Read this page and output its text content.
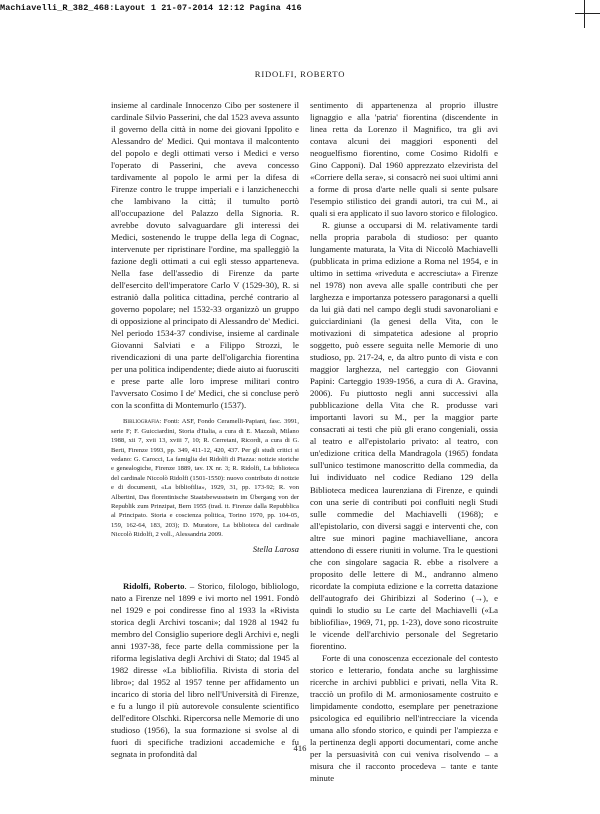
Machiavelli_R_382_468:Layout 1 21-07-2014 12:12 Pagina 416
RIDOLFI, ROBERTO

insieme al cardinale Innocenzo Cibo per sostenere il cardinale Silvio Passerini, che dal 1523 aveva assunto il governo della città in nome dei giovani Ippolito e Alessandro de' Medici. Qui montava il malcontento del popolo e degli ottimati verso i Medici e verso l'operato di Passerini, che aveva concesso tardivamente al popolo le armi per la difesa di Firenze contro le truppe imperiali e i lanzichenecchi che lambivano la città; il tumulto portò all'occupazione del Palazzo della Signoria. R. avrebbe dovuto salvaguardare gli interessi dei Medici, sostenendo le truppe della lega di Cognac, intervenute per ripristinare l'ordine, ma spalleggiò la fazione degli ottimati a cui egli stesso apparteneva. Nella fase dell'assedio di Firenze da parte dell'esercito dell'imperatore Carlo V (1529-30), R. si estraniò dalla politica cittadina, perché contrario al governo popolare; nel 1532-33 organizzò un gruppo di opposizione al principato di Alessandro de' Medici. Nel periodo 1534-37 condivise, insieme al cardinale Giovanni Salviati e a Filippo Strozzi, le rivendicazioni di una parte dell'oligarchia fiorentina per una politica indipendente; diede aiuto ai fuorusciti e prese parte alle loro imprese militari contro l'avversato Cosimo I de' Medici, che si concluse però con la sconfitta di Montemurlo (1537).

Bibliografia: Fonti: ASF, Fondo Ceramelli-Papiani, fasc. 3991, serie F; F. Guicciardini, Storia d'Italia, a cura di E. Mazzali, Milano 1988, xii 7, xvii 13, xviii 7, 10; R. Cerretani, Ricordi, a cura di G. Berti, Firenze 1993, pp. 349, 411-12, 420, 437. Per gli studi critici si vedano: G. Carocci, La famiglia dei Ridolfi di Piazza: notizie storiche e genealogiche, Firenze 1889, tav. IX nr. 3; R. Ridolfi, La biblioteca del cardinale Niccolò Ridolfi (1501-1550): nuovo contributo di notizie e di documenti, «La bibliofilia», 1929, 31, pp. 173-92; R. von Albertini, Das florentinische Staatsbewusstsein im Übergang von der Republik zum Prinzipat, Bern 1955 (trad. it. Firenze dalla Repubblica al Principato. Storia e coscienza politica, Torino 1970, pp. 104-05, 159, 162-64, 183, 203); D. Muratore, La biblioteca del cardinale Niccolò Ridolfi, 2 voll., Alessandria 2009.

Stella Larosa

Ridolfi, Roberto. – Storico, filologo, bibliologo, nato a Firenze nel 1899 e ivi morto nel 1991. Fondò nel 1929 e poi condiresse fino al 1933 la «Rivista storica degli Archivi toscani»; dal 1928 al 1942 fu membro del Consiglio superiore degli Archivi e, negli anni 1937-38, fece parte della commissione per la riforma legislativa degli Archivi di Stato; dal 1945 al 1982 diresse «La bibliofilia. Rivista di storia del libro»; dal 1952 al 1957 tenne per affidamento un incarico di storia del libro nell'Università di Firenze, e fu a lungo il più autorevole consulente scientifico dell'editore Olschki. Ripercorsa nelle Memorie di uno studioso (1956), la sua formazione si svolse al di fuori di specifiche tradizioni accademiche e fu segnata in profondità dal

sentimento di appartenenza al proprio illustre lignaggio e alla 'patria' fiorentina (discendente in linea retta da Lorenzo il Magnifico, tra gli avi contava alcuni dei maggiori esponenti del neoguelfismo fiorentino, come Cosimo Ridolfi e Gino Capponi). Dal 1960 apprezzato elzevirista del «Corriere della sera», si consacrò nei suoi ultimi anni a forme di prosa d'arte nelle quali si sente pulsare l'esempio stilistico dei grandi autori, tra cui M., ai quali si era applicato il suo lavoro storico e filologico.

R. giunse a occuparsi di M. relativamente tardi nella propria parabola di studioso: per quanto lungamente maturata, la Vita di Niccolò Machiavelli (pubblicata in prima edizione a Roma nel 1954, e in ultimo in settima «riveduta e accresciuta» a Firenze nel 1978) non aveva alle spalle contributi che per larghezza e importanza potessero paragonarsi a quelli da lui già dati nel campo degli studi savonaroliani e guicciardiniani (la genesi della Vita, con le motivazioni di simpatetica adesione al proprio soggetto, può essere seguita nelle Memorie di uno studioso, pp. 217-24, e, da altro punto di vista e con maggior larghezza, nel carteggio con Giovanni Papini: Carteggio 1939-1956, a cura di A. Gravina, 2006). Fu piuttosto negli anni successivi alla pubblicazione della Vita che R. produsse vari importanti lavori su M., per la maggior parte consacrati ai testi che più gli erano congeniali, ossia al teatro e all'epistolario privato: al teatro, con un'edizione critica della Mandragola (1965) fondata sull'unico testimone manoscritto della commedia, da lui individuato nel codice Rediano 129 della Biblioteca medicea laurenziana di Firenze, e quindi con una serie di contributi poi confluiti negli Studi sulle commedie del Machiavelli (1968); e all'epistolario, con diversi saggi e interventi che, con altre sue minori pagine machiavelliane, ancora attendono di essere riuniti in volume. Tra le questioni che con singolare sagacia R. ebbe a risolvere a proposito delle lettere di M., andranno almeno ricordate la compiuta edizione e la corretta datazione dell'autografo dei Ghiribizzi al Soderino (→), e quindi lo studio su Le carte del Machiavelli («La bibliofilia», 1969, 71, pp. 1-23), dove sono ricostruite le vicende dell'archivio personale del Segretario fiorentino.

Forte di una conoscenza eccezionale del contesto storico e letterario, fondata anche su larghissime ricerche in archivi pubblici e privati, nella Vita R. tracciò un profilo di M. armoniosamente costruito e limpidamente condotto, esemplare per penetrazione psicologica ed equilibrio nell'intrecciare la vicenda umana allo sfondo storico, e quindi per l'ampiezza e la pertinenza degli apporti documentari, come anche per la persuasività con cui veniva risolvendo – a misura che il racconto procedeva – tante e tante minute

416
